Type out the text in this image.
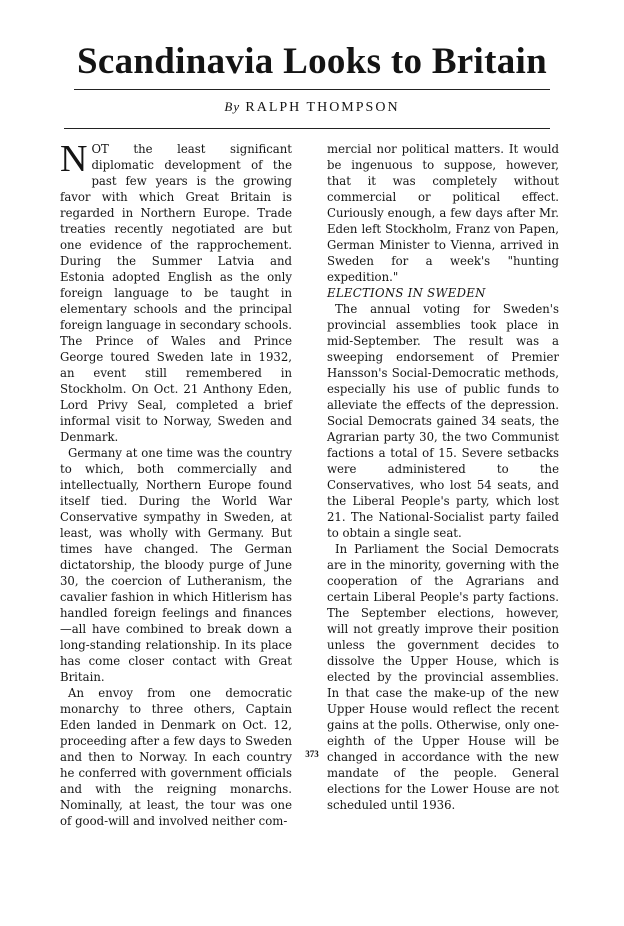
Scandinavia Looks to Britain
By RALPH THOMPSON

NOT the least significant diplomatic development of the past few years is the growing favor with which Great Britain is regarded in Northern Europe. Trade treaties recently negotiated are but one evidence of the rapprochement. During the Summer Latvia and Estonia adopted English as the only foreign language to be taught in elementary schools and the principal foreign language in secondary schools. The Prince of Wales and Prince George toured Sweden late in 1932, an event still remembered in Stockholm. On Oct. 21 Anthony Eden, Lord Privy Seal, completed a brief informal visit to Norway, Sweden and Denmark.

Germany at one time was the country to which, both commercially and intellectually, Northern Europe found itself tied. During the World War Conservative sympathy in Sweden, at least, was wholly with Germany. But times have changed. The German dictatorship, the bloody purge of June 30, the coercion of Lutheranism, the cavalier fashion in which Hitlerism has handled foreign feelings and finances—all have combined to break down a long-standing relationship. In its place has come closer contact with Great Britain.

An envoy from one democratic monarchy to three others, Captain Eden landed in Denmark on Oct. 12, proceeding after a few days to Sweden and then to Norway. In each country he conferred with government officials and with the reigning monarchs. Nominally, at least, the tour was one of good-will and involved neither com-

mercial nor political matters. It would be ingenuous to suppose, however, that it was completely without commercial or political effect. Curiously enough, a few days after Mr. Eden left Stockholm, Franz von Papen, German Minister to Vienna, arrived in Sweden for a week's "hunting expedition."

ELECTIONS IN SWEDEN

The annual voting for Sweden's provincial assemblies took place in mid-September. The result was a sweeping endorsement of Premier Hansson's Social-Democratic methods, especially his use of public funds to alleviate the effects of the depression. Social Democrats gained 34 seats, the Agrarian party 30, the two Communist factions a total of 15. Severe setbacks were administered to the Conservatives, who lost 54 seats, and the Liberal People's party, which lost 21. The National-Socialist party failed to obtain a single seat.

In Parliament the Social Democrats are in the minority, governing with the cooperation of the Agrarians and certain Liberal People's party factions. The September elections, however, will not greatly improve their position unless the government decides to dissolve the Upper House, which is elected by the provincial assemblies. In that case the make-up of the new Upper House would reflect the recent gains at the polls. Otherwise, only one-eighth of the Upper House will be changed in accordance with the new mandate of the people. General elections for the Lower House are not scheduled until 1936.

373
